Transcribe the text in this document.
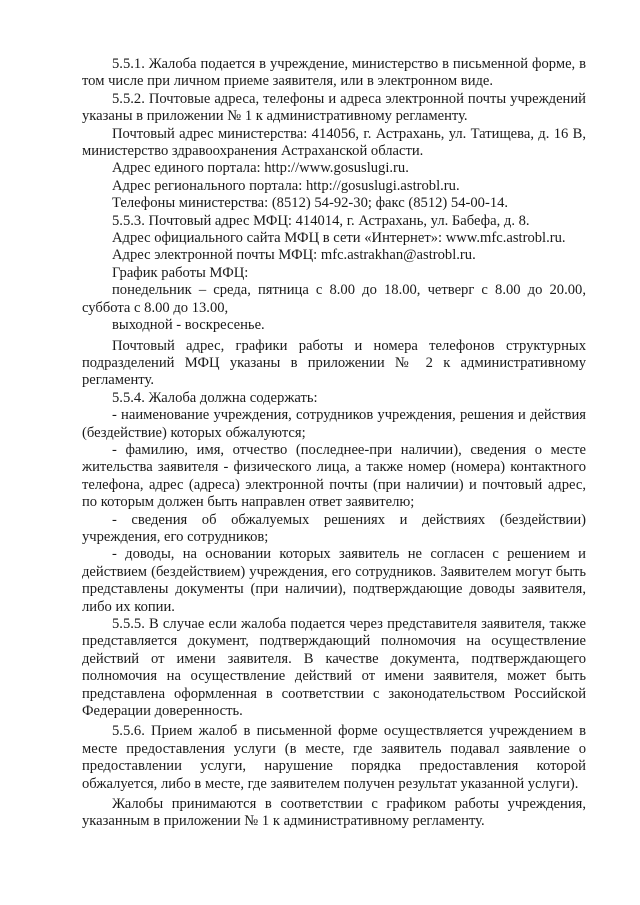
5.5.1. Жалоба подается в учреждение, министерство в письменной форме, в том числе при личном приеме заявителя, или в электронном виде.

5.5.2. Почтовые адреса, телефоны и адреса электронной почты учреждений указаны в приложении № 1 к административному регламенту.

Почтовый адрес министерства: 414056, г. Астрахань, ул. Татищева, д. 16 В, министерство здравоохранения Астраханской области.

Адрес единого портала: http://www.gosuslugi.ru.

Адрес регионального портала: http://gosuslugi.astrobl.ru.

Телефоны министерства: (8512) 54-92-30; факс (8512) 54-00-14.

5.5.3. Почтовый адрес МФЦ: 414014, г. Астрахань, ул. Бабефа, д. 8.

Адрес официального сайта МФЦ в сети «Интернет»: www.mfc.astrobl.ru.

Адрес электронной почты МФЦ: mfc.astrakhan@astrobl.ru.

График работы МФЦ:

понедельник – среда, пятница с 8.00 до 18.00, четверг с 8.00 до 20.00, суббота с 8.00 до 13.00,

выходной - воскресенье.

Почтовый адрес, графики работы и номера телефонов структурных подразделений МФЦ указаны в приложении № 2 к административному регламенту.

5.5.4. Жалоба должна содержать:

- наименование учреждения, сотрудников учреждения, решения и действия (бездействие) которых обжалуются;

- фамилию, имя, отчество (последнее-при наличии), сведения о месте жительства заявителя - физического лица, а также номер (номера) контактного телефона, адрес (адреса) электронной почты (при наличии) и почтовый адрес, по которым должен быть направлен ответ заявителю;

- сведения об обжалуемых решениях и действиях (бездействии) учреждения, его сотрудников;

- доводы, на основании которых заявитель не согласен с решением и действием (бездействием) учреждения, его сотрудников. Заявителем могут быть представлены документы (при наличии), подтверждающие доводы заявителя, либо их копии.

5.5.5. В случае если жалоба подается через представителя заявителя, также представляется документ, подтверждающий полномочия на осуществление действий от имени заявителя. В качестве документа, подтверждающего полномочия на осуществление действий от имени заявителя, может быть представлена оформленная в соответствии с законодательством Российской Федерации доверенность.

5.5.6. Прием жалоб в письменной форме осуществляется учреждением в месте предоставления услуги (в месте, где заявитель подавал заявление о предоставлении услуги, нарушение порядка предоставления которой обжалуется, либо в месте, где заявителем получен результат указанной услуги).

Жалобы принимаются в соответствии с графиком работы учреждения, указанным в приложении № 1 к административному регламенту.
